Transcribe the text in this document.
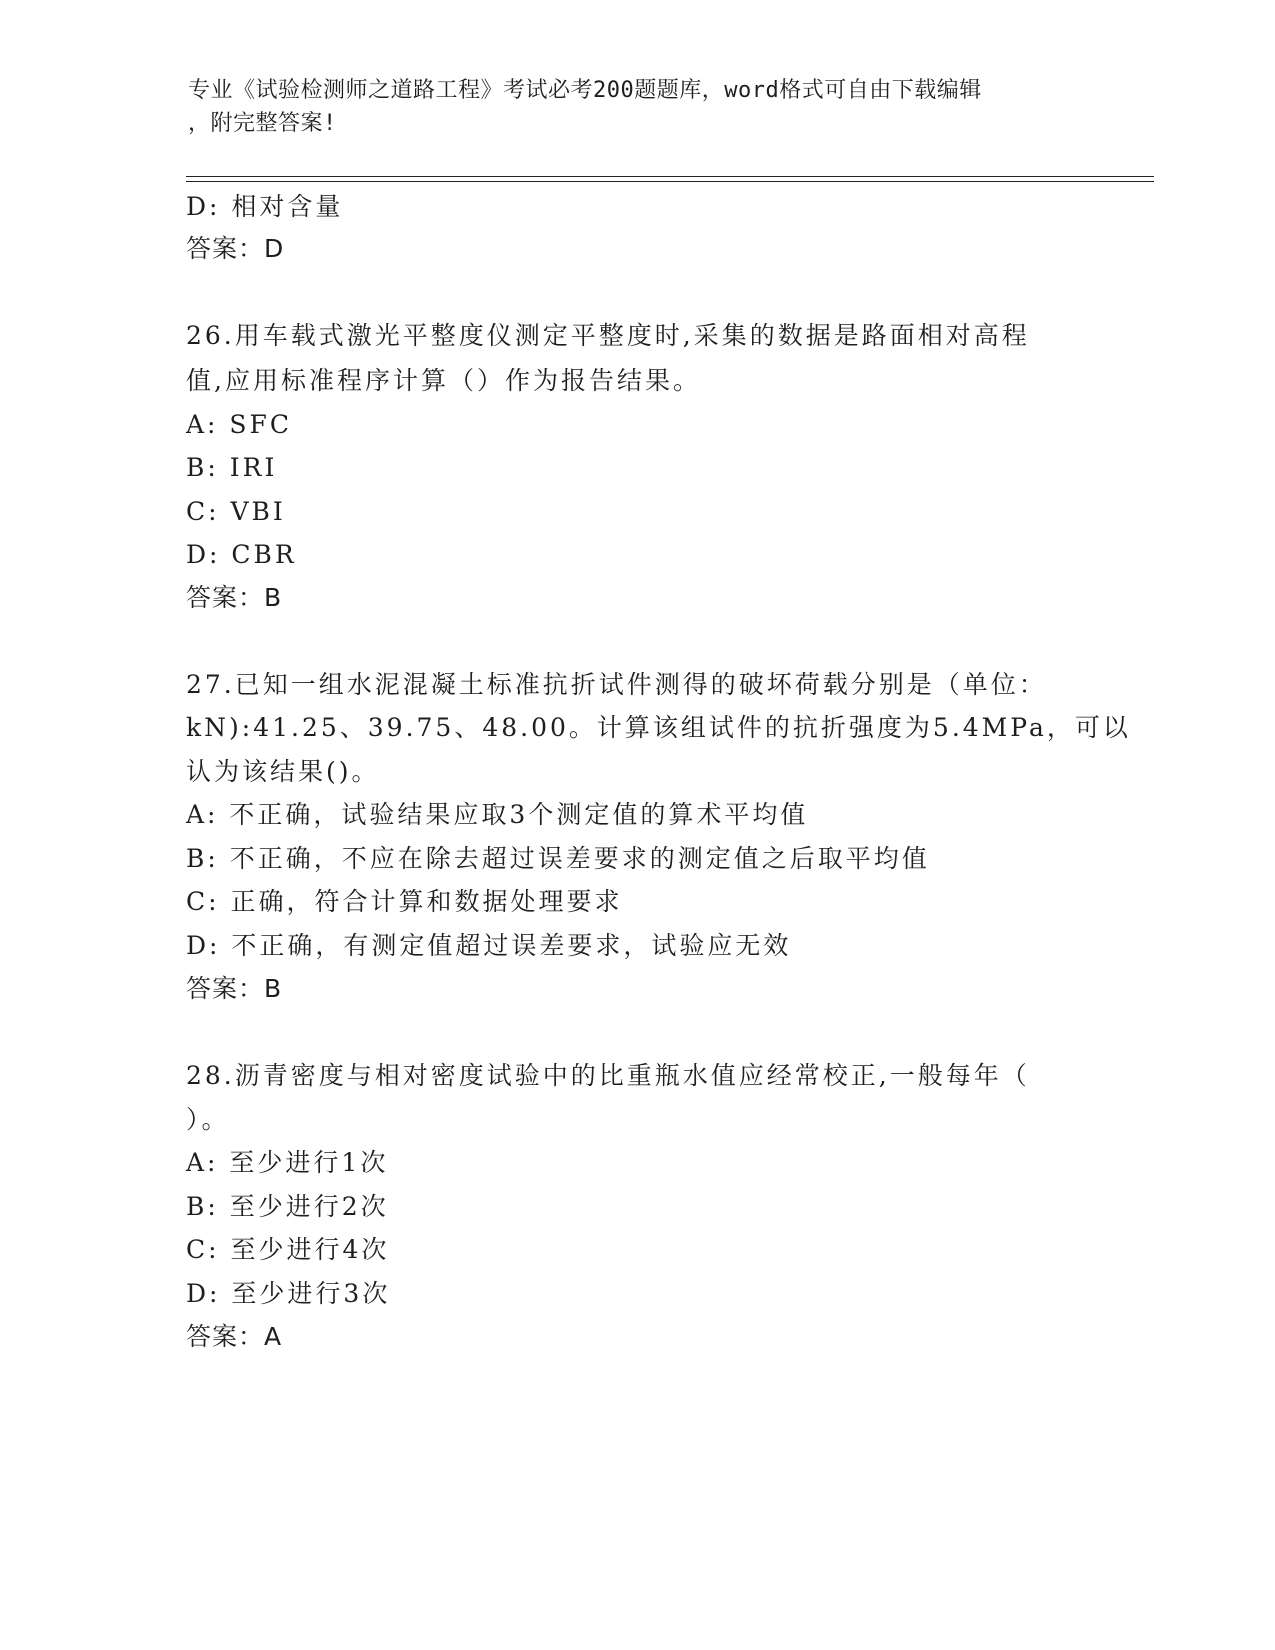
专业《试验检测师之道路工程》考试必考200题题库，word格式可自由下载编辑
，附完整答案!
D: 相对含量
答案：D
26.用车载式激光平整度仪测定平整度时,采集的数据是路面相对高程
值,应用标准程序计算（）作为报告结果。
A: SFC
B: IRI
C: VBI
D: CBR
答案：B
27.已知一组水泥混凝土标准抗折试件测得的破坏荷载分别是（单位：
kN):41.25、39.75、48.00。计算该组试件的抗折强度为5.4MPa，可以
认为该结果()。
A: 不正确，试验结果应取3个测定值的算术平均值
B: 不正确，不应在除去超过误差要求的测定值之后取平均值
C: 正确，符合计算和数据处理要求
D: 不正确，有测定值超过误差要求，试验应无效
答案：B
28.沥青密度与相对密度试验中的比重瓶水值应经常校正,一般每年（
）。
A: 至少进行1次
B: 至少进行2次
C: 至少进行4次
D: 至少进行3次
答案：A
